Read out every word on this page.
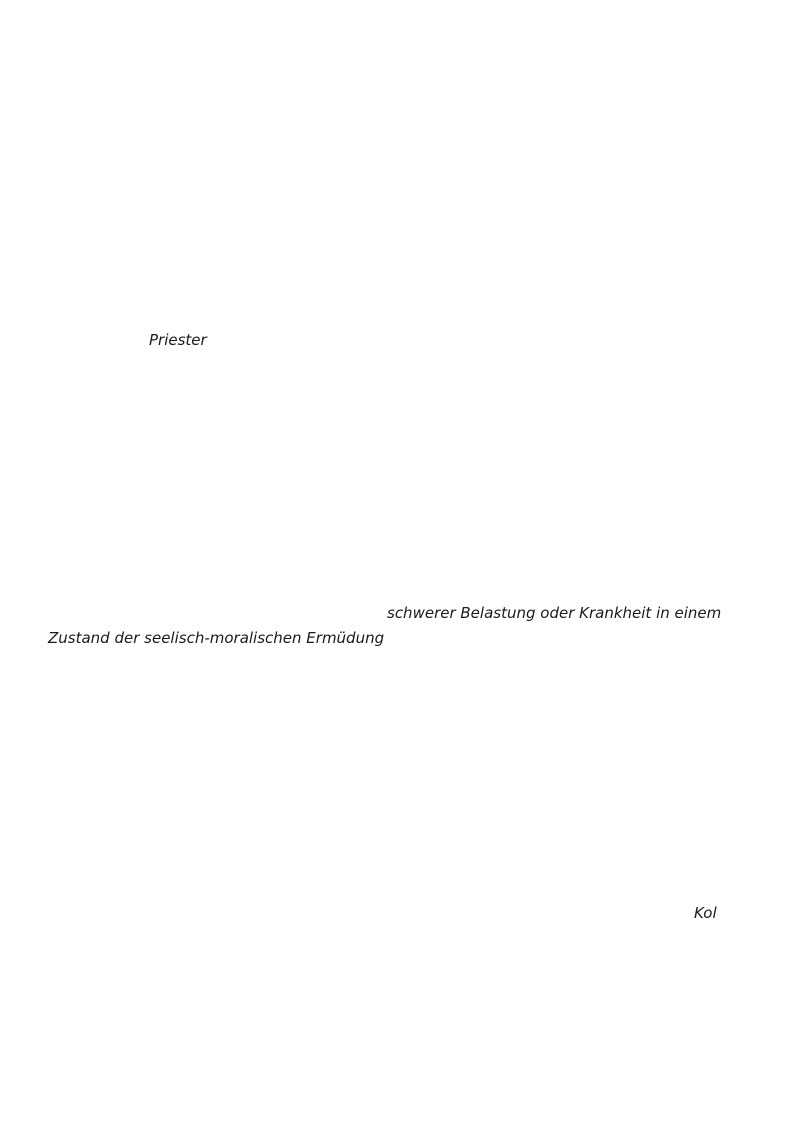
Priester
schwerer Belastung oder Krankheit in einem
Zustand der seelisch-moralischen Ermüdung
Kol
